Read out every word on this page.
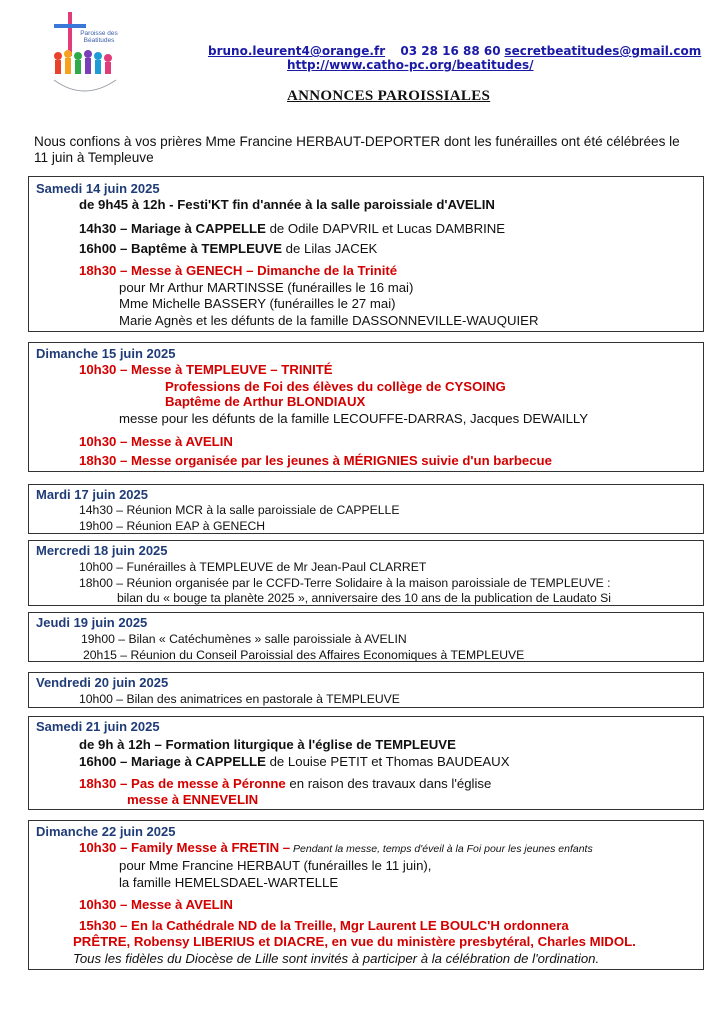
Paroisse des Béatitudes
bruno.leurent4@orange.fr 03 28 16 88 60 secretbeatitudes@gmail.com
http://www.catho-pc.org/beatitudes/
ANNONCES PAROISSIALES
Nous confions à vos prières Mme Francine HERBAUT-DEPORTER dont les funérailles ont été célébrées le 11 juin à Templeuve
Samedi 14 juin 2025
de 9h45 à 12h - Festi'KT fin d'année à la salle paroissiale d'AVELIN
14h30 – Mariage à CAPPELLE de Odile DAPVRIL et Lucas DAMBRINE
16h00 – Baptême à TEMPLEUVE de Lilas JACEK
18h30 – Messe à GENECH – Dimanche de la Trinité
pour Mr Arthur MARTINSSE (funérailles le 16 mai)
Mme Michelle BASSERY (funérailles le 27 mai)
Marie Agnès et les défunts de la famille DASSONNEVILLE-WAUQUIER
Dimanche 15 juin 2025
10h30 – Messe à TEMPLEUVE – TRINITÉ
Professions de Foi des élèves du collège de CYSOING
Baptême de Arthur BLONDIAUX
messe pour les défunts de la famille LECOUFFE-DARRAS, Jacques DEWAILLY
10h30 – Messe à AVELIN
18h30 – Messe organisée par les jeunes à MÉRIGNIES suivie d'un barbecue
Mardi 17 juin 2025
14h30 – Réunion MCR à la salle paroissiale de CAPPELLE
19h00 – Réunion EAP à GENECH
Mercredi 18 juin 2025
10h00 – Funérailles à TEMPLEUVE de Mr Jean-Paul CLARRET
18h00 – Réunion organisée par le CCFD-Terre Solidaire à la maison paroissiale de TEMPLEUVE :
bilan du « bouge ta planète 2025 », anniversaire des 10 ans de la publication de Laudato Si
Jeudi 19 juin 2025
19h00 – Bilan « Catéchumènes » salle paroissiale à AVELIN
20h15 – Réunion du Conseil Paroissial des Affaires Economiques à TEMPLEUVE
Vendredi 20 juin 2025
10h00 – Bilan des animatrices en pastorale à TEMPLEUVE
Samedi 21 juin 2025
de 9h à 12h – Formation liturgique à l'église de TEMPLEUVE
16h00 – Mariage à CAPPELLE de Louise PETIT et Thomas BAUDEAUX
18h30 – Pas de messe à Péronne en raison des travaux dans l'église
messe à ENNEVELIN
Dimanche 22 juin 2025
10h30 – Family Messe à FRETIN – Pendant la messe, temps d'éveil à la Foi pour les jeunes enfants
pour Mme Francine HERBAUT (funérailles le 11 juin),
la famille HEMELSDAEL-WARTELLE
10h30 – Messe à AVELIN
15h30 – En la Cathédrale ND de la Treille, Mgr Laurent LE BOULC'H ordonnera
PRÊTRE, Robensy LIBERIUS et DIACRE, en vue du ministère presbytéral, Charles MIDOL.
Tous les fidèles du Diocèse de Lille sont invités à participer à la célébration de l'ordination.
